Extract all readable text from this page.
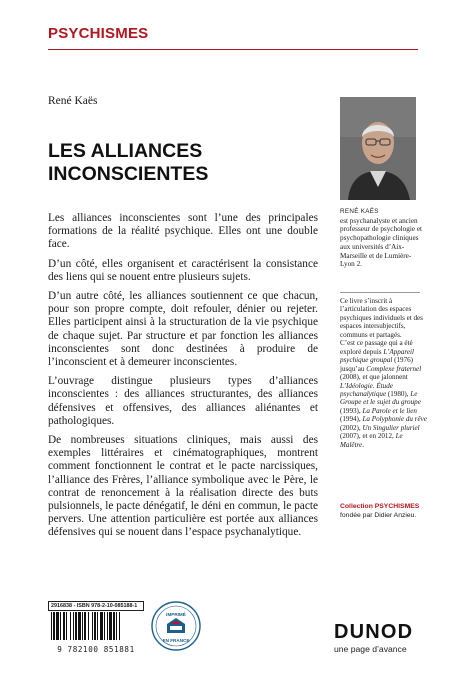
PSYCHISMES
René Kaës
LES ALLIANCES
INCONSCIENTES

Les alliances inconscientes sont l’une des principales formations de la réalité psychique. Elles ont une double face.

D’un côté, elles organisent et caractérisent la consistance des liens qui se nouent entre plusieurs sujets.

D’un autre côté, les alliances soutiennent ce que chacun, pour son propre compte, doit refouler, dénier ou rejeter. Elles participent ainsi à la structuration de la vie psychique de chaque sujet. Par structure et par fonction les alliances inconscientes sont donc destinées à produire de l’inconscient et à demeurer inconscientes.

L’ouvrage distingue plusieurs types d’alliances inconscientes : des alliances structurantes, des alliances défensives et offensives, des alliances aliénantes et pathologiques.

De nombreuses situations cliniques, mais aussi des exemples littéraires et cinématographiques, montrent comment fonctionnent le contrat et le pacte narcissiques, l’alliance des Frères, l’alliance symbolique avec le Père, le contrat de renoncement à la réalisation directe des buts pulsionnels, le pacte dénégatif, le déni en commun, le pacte pervers. Une attention particulière est portée aux alliances défensives qui se nouent dans l’espace psychanalytique.

RENÉ KAËS
est psychanalyste et ancien professeur de psychologie et psychopathologie cliniques aux universités d’Aix-Marseille et de Lumière-Lyon 2.

Ce livre s’inscrit à l’articulation des espaces psychiques individuels et des espaces intersubjectifs, communs et partagés.

C’est ce passage qui a été exploré depuis L’Appareil psychique groupal (1976) jusqu’au Complexe fraternel (2008), et que jalonnent L’Idéologie. Étude psychanalytique (1980), Le Groupe et le sujet du groupe (1993), La Parole et le lien (1994), La Polyphonie du rêve (2002), Un Singulier pluriel (2007), et en 2012, Le Malêtre.

Collection PSYCHISMES
fondée par Didier Anzieu.
2916838 - ISBN 978-2-10-085188-1
9 782100 851881
IMPRIMÉ
EN FRANCE	DUNOD
une page d’avance
